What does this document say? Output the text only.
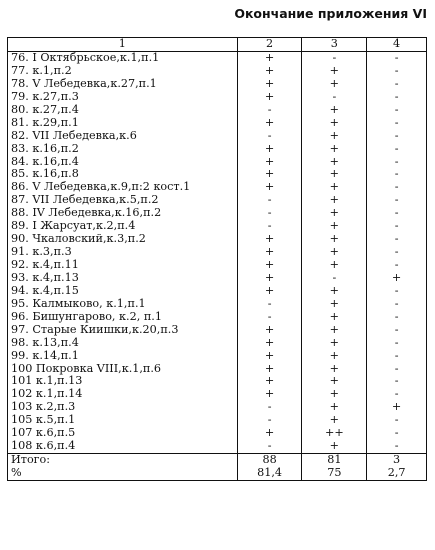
Окончание приложения VI
1	2	3	4
76. I Октябрьское,к.1,п.1	+	-	-
77. к.1,п.2	+	+	-
78. V Лебедевка,к.27,п.1	+	+	-
79. к.27,п.3	+	-	-
80. к.27,п.4	-	+	-
81. к.29,п.1	+	+	-
82. VII Лебедевка,к.6	-	+	-
83. к.16,п.2	+	+	-
84. к.16,п.4	+	+	-
85. к.16,п.8	+	+	-
86. V Лебедевка,к.9,п:2 кост.1	+	+	-
87. VII Лебедевка,к.5,п.2	-	+	-
88. IV Лебедевка,к.16,п.2	-	+	-
89. I Жарсуат,к.2,п.4	-	+	-
90. Чкаловский,к.3,п.2	+	+	-
91. к.3,п.3	+	+	-
92. к.4,п.11	+	+	-
93. к.4,п.13	+	-	+
94. к.4,п.15	+	+	-
95. Калмыково, к.1,п.1	-	+	-
96. Бишунгарово, к.2, п.1	-	+	-
97. Старые Киишки,к.20,п.3	+	+	-
98. к.13,п.4	+	+	-
99. к.14,п.1	+	+	-
100 Покровка VIII,к.1,п.6	+	+	-
101 к.1,п.13	+	+	-
102 к.1,п.14	+	+	-
103 к.2,п.3	-	+	+
105 к.5,п.1	-	+	-
107 к.6,п.5	+	++	-
108 к.6,п.4	-	+	-
Итого:	88	81	3
%	81,4	75	2,7
